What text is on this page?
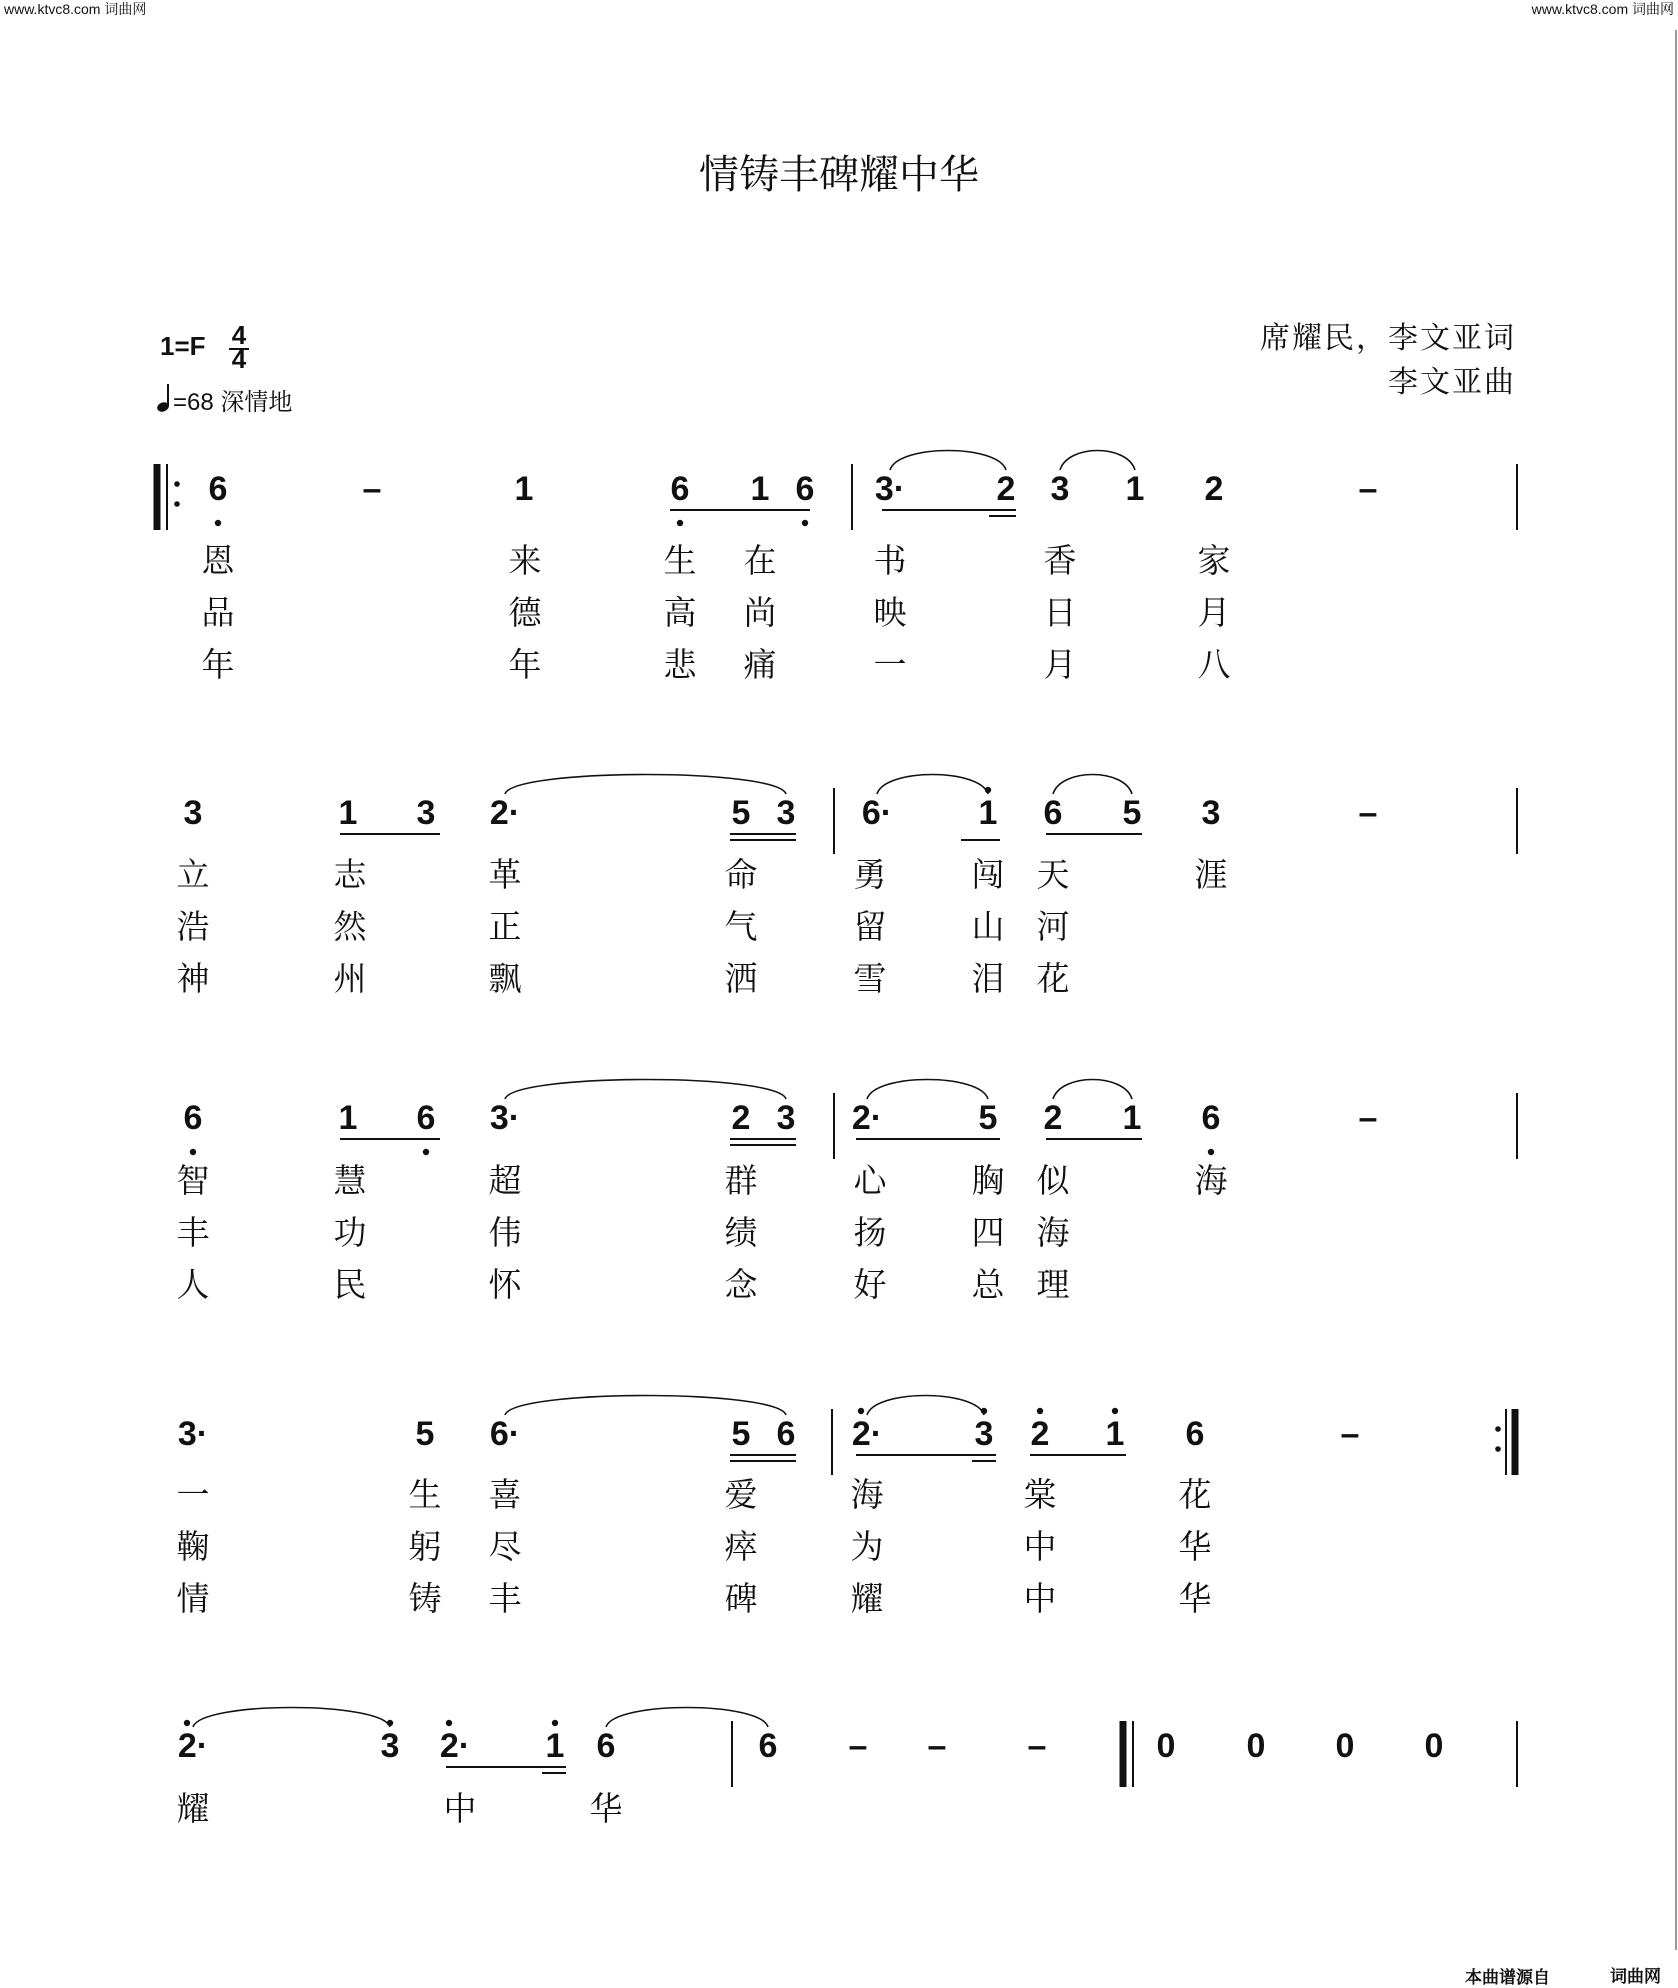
www.ktvc8.com 词曲网	www.ktvc8.com 词曲网
情铸丰碑耀中华
1=F 4
4
=68 深情地
席耀民，李文亚词
李文亚曲
6	–	1	6 1 6 3·	2 3 1 2	–
恩	来	生 在	书	香	家
品	德	高 尚	映	日	月
年	年	悲 痛	一	月	八
3	1 3 2·	5 3 6·	1 6 5 3	–
立	志	革	命	勇	闯 天	涯
浩	然	正	气	留	山 河
神	州	飘	洒	雪	泪 花
6	1 6 3·	2 3 2·	5 2 1 6	–
智	慧	超	群	心	胸 似	海
丰	功	伟	绩	扬	四 海
人	民	怀	念	好	总 理
3·	5 6·	5 6 2·	3 2 1 6	–
一	生 喜	爱	海	棠	花
鞠	躬 尽	瘁	为	中	华
情	铸 丰	碑	耀	中	华
2·	3 2· 1 6	6 – – –	0 0 0 0
耀	中	华
本曲谱源自	词曲网
